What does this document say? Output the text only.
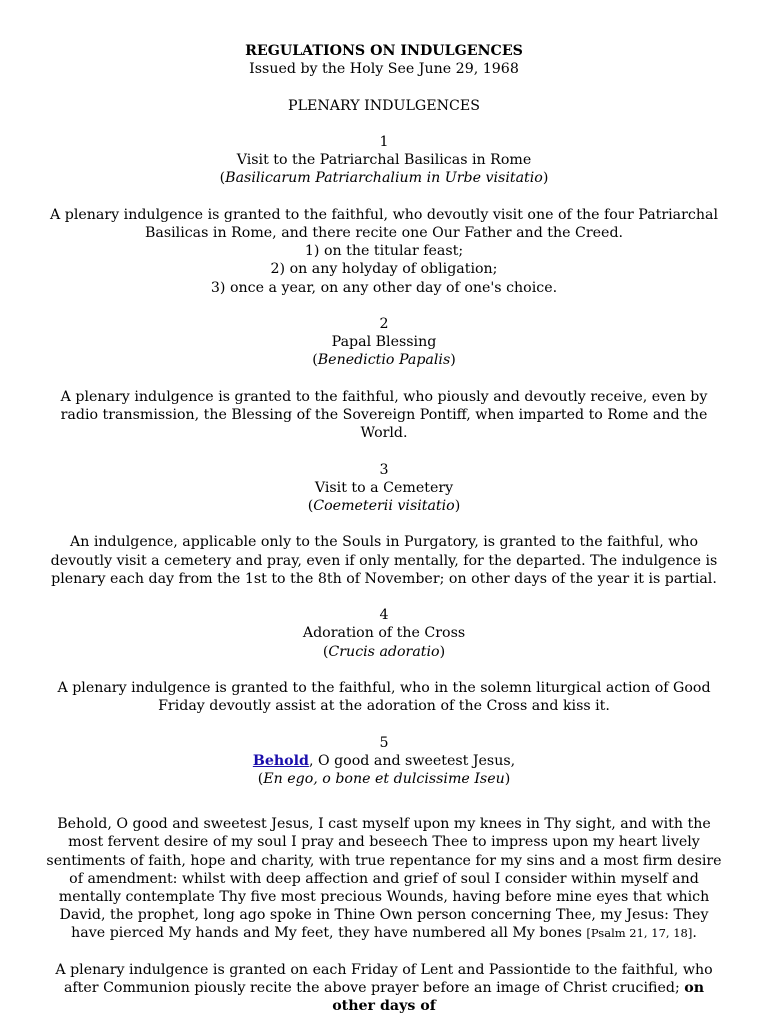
REGULATIONS ON INDULGENCES
Issued by the Holy See June 29, 1968
PLENARY INDULGENCES
1
Visit to the Patriarchal Basilicas in Rome
(Basilicarum Patriarchalium in Urbe visitatio)

A plenary indulgence is granted to the faithful, who devoutly visit one of the four Patriarchal Basilicas in Rome, and there recite one Our Father and the Creed.

1) on the titular feast;
2) on any holyday of obligation;
3) once a year, on any other day of one's choice.
2
Papal Blessing
(Benedictio Papalis)

A plenary indulgence is granted to the faithful, who piously and devoutly receive, even by radio transmission, the Blessing of the Sovereign Pontiff, when imparted to Rome and the World.

3
Visit to a Cemetery
(Coemeterii visitatio)

An indulgence, applicable only to the Souls in Purgatory, is granted to the faithful, who devoutly visit a cemetery and pray, even if only mentally, for the departed. The indulgence is plenary each day from the 1st to the 8th of November; on other days of the year it is partial.

4
Adoration of the Cross
(Crucis adoratio)

A plenary indulgence is granted to the faithful, who in the solemn liturgical action of Good Friday devoutly assist at the adoration of the Cross and kiss it.

5
Behold, O good and sweetest Jesus,
(En ego, o bone et dulcissime Iseu)

Behold, O good and sweetest Jesus, I cast myself upon my knees in Thy sight, and with the most fervent desire of my soul I pray and beseech Thee to impress upon my heart lively sentiments of faith, hope and charity, with true repentance for my sins and a most firm desire of amendment: whilst with deep affection and grief of soul I consider within myself and mentally contemplate Thy five most precious Wounds, having before mine eyes that which David, the prophet, long ago spoke in Thine Own person concerning Thee, my Jesus: They have pierced My hands and My feet, they have numbered all My bones [Psalm 21, 17, 18].

A plenary indulgence is granted on each Friday of Lent and Passiontide to the faithful, who after Communion piously recite the above prayer before an image of Christ crucified; on other days of
